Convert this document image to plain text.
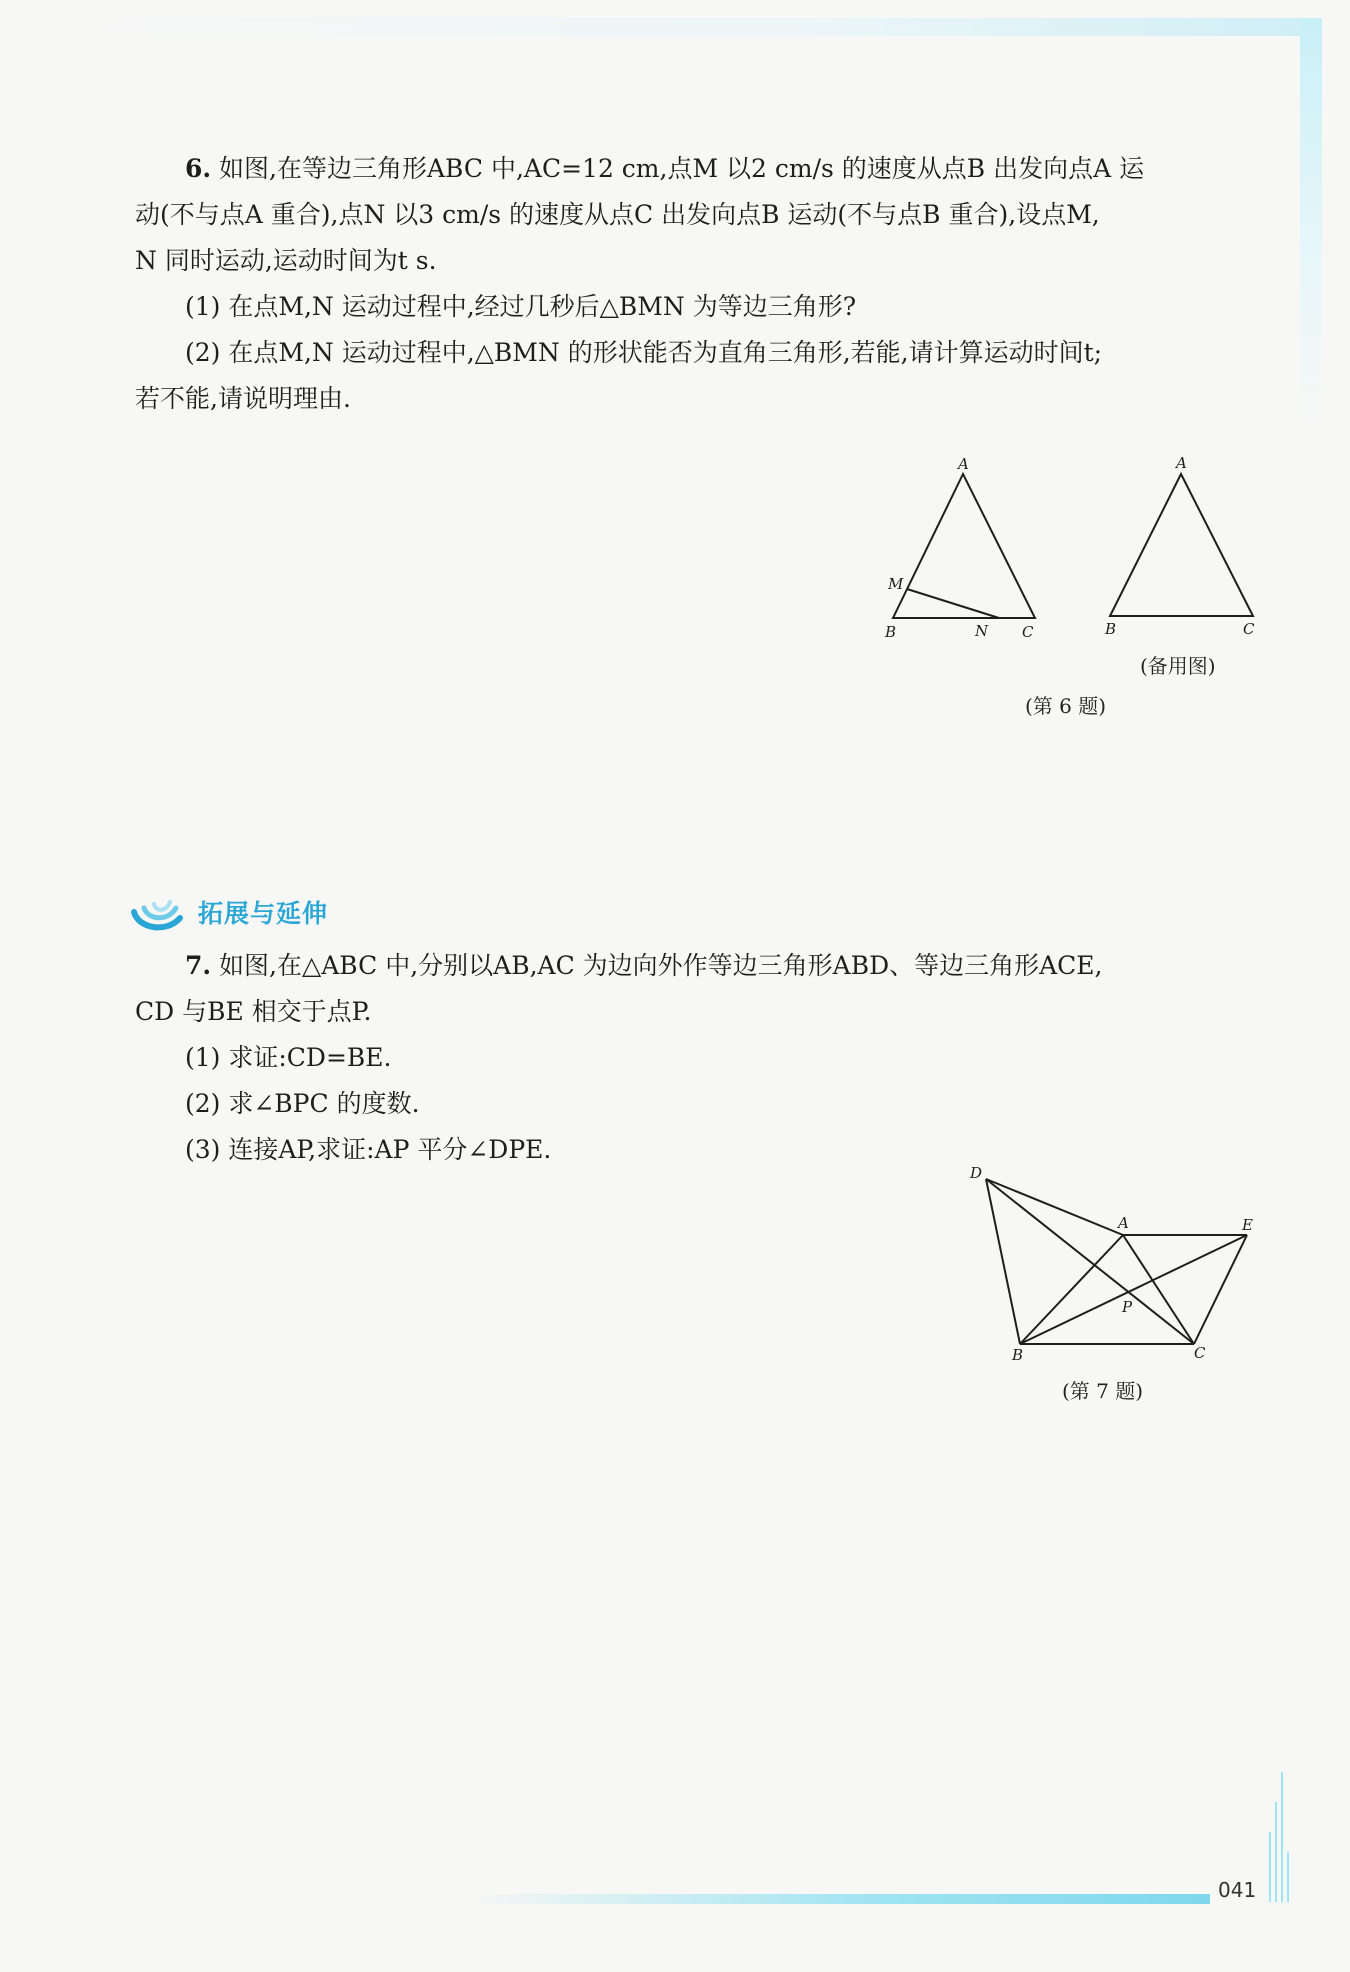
6. 如图,在等边三角形ABC 中,AC=12 cm,点M 以2 cm/s 的速度从点B 出发向点A 运

动(不与点A 重合),点N 以3 cm/s 的速度从点C 出发向点B 运动(不与点B 重合),设点M,

N 同时运动,运动时间为t s.

(1) 在点M,N 运动过程中,经过几秒后△BMN 为等边三角形?

(2) 在点M,N 运动过程中,△BMN 的形状能否为直角三角形,若能,请计算运动时间t;

若不能,请说明理由.

A
M
B	N C
A
B	C
(备用图)
(第 6 题)
拓展与延伸

7. 如图,在△ABC 中,分别以AB,AC 为边向外作等边三角形ABD、等边三角形ACE,

CD 与BE 相交于点P.

(1) 求证:CD=BE.

(2) 求∠BPC 的度数.

(3) 连接AP,求证:AP 平分∠DPE.

D
A	E
P
B	C
(第 7 题)
041
